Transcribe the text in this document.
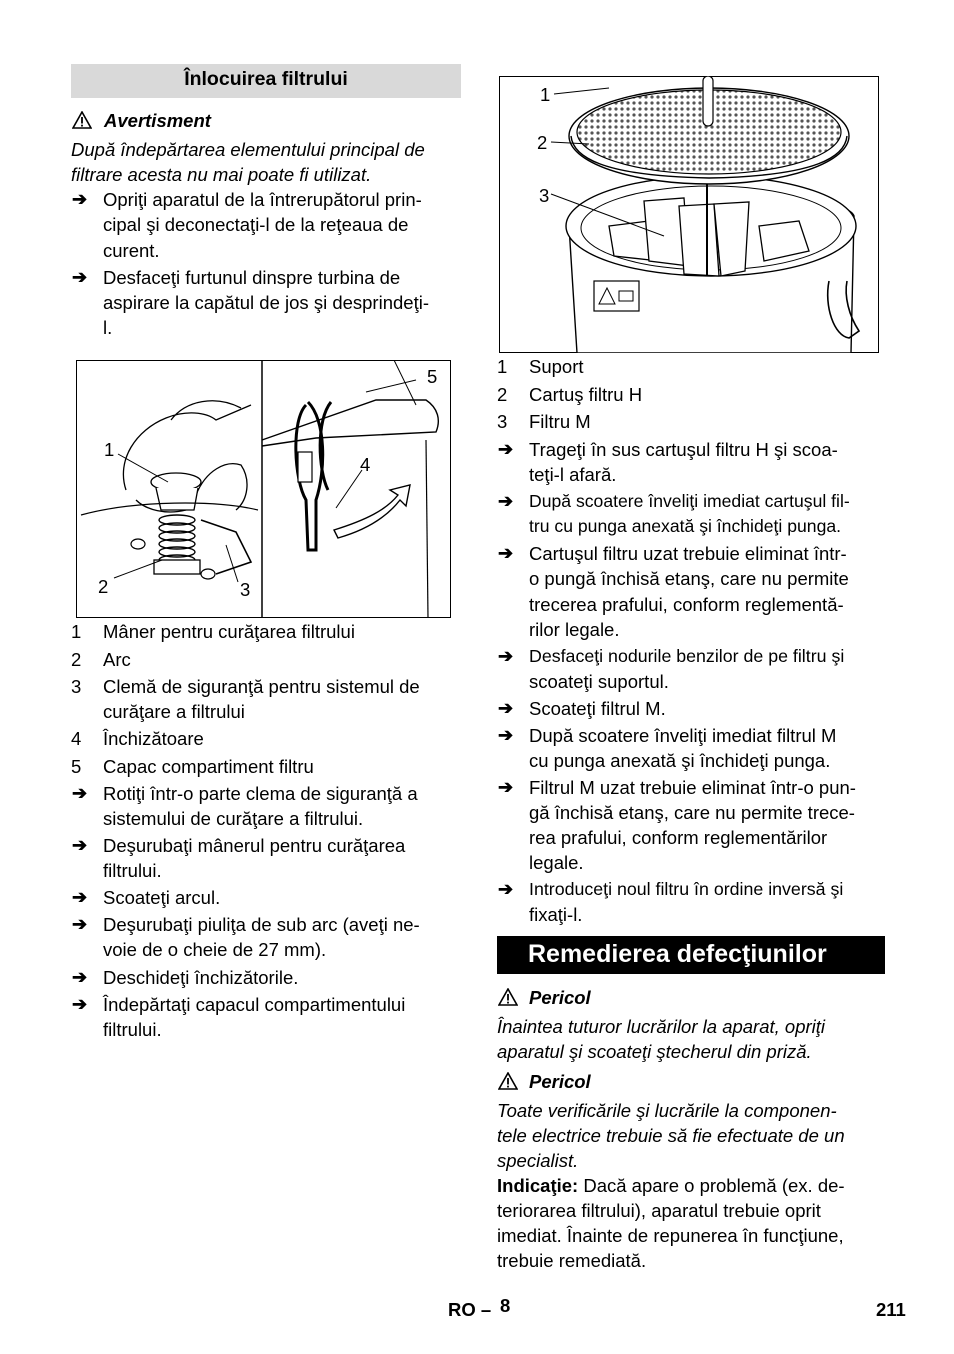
Înlocuirea filtrului
Avertisment
După îndepărtarea elementului principal de
filtrare acesta nu mai poate fi utilizat.
➔ Opriţi aparatul de la întrerupătorul prin-
cipal şi deconectaţi-l de la reţeaua de
curent.
➔ Desfaceţi furtunul dinspre turbina de
aspirare la capătul de jos şi desprindeţi-
l.
1
2	3
4
5
1 Mâner pentru curăţarea filtrului
2 Arc
3 Clemă de siguranţă pentru sistemul de
curăţare a filtrului
4 Închizătoare
5 Capac compartiment filtru
➔ Rotiţi într-o parte clema de siguranţă a
sistemului de curăţare a filtrului.
➔ Deşurubaţi mânerul pentru curăţarea
filtrului.
➔ Scoateţi arcul.
➔ Deşurubaţi piuliţa de sub arc (aveţi ne-
voie de o cheie de 27 mm).
➔ Deschideţi închizătorile.
➔ Îndepărtaţi capacul compartimentului
filtrului.
1
2
3
1 Suport
2 Cartuş filtru H
3 Filtru M
➔ Trageţi în sus cartuşul filtru H şi scoa-
teţi-l afară.
➔ După scoatere înveliţi imediat cartuşul fil-
tru cu punga anexată şi închideţi punga.
➔ Cartuşul filtru uzat trebuie eliminat într-
o pungă închisă etanş, care nu permite
trecerea prafului, conform reglementă-
rilor legale.
➔ Desfaceţi nodurile benzilor de pe filtru şi
scoateţi suportul.
➔ Scoateţi filtrul M.
➔ După scoatere înveliţi imediat filtrul M
cu punga anexată şi închideţi punga.
➔ Filtrul M uzat trebuie eliminat într-o pun-
gă închisă etanş, care nu permite trece-
rea prafului, conform reglementărilor
legale.
➔ Introduceţi noul filtru în ordine inversă şi
fixaţi-l.
Remedierea defecţiunilor
Pericol
Înaintea tuturor lucrărilor la aparat, opriţi
aparatul şi scoateţi ştecherul din priză.
Pericol
Toate verificările şi lucrările la componen-
tele electrice trebuie să fie efectuate de un
specialist.
Indicaţie: Dacă apare o problemă (ex. de-
teriorarea filtrului), aparatul trebuie oprit
imediat. Înainte de repunerea în funcţiune,
trebuie remediată.
RO – 8	211
